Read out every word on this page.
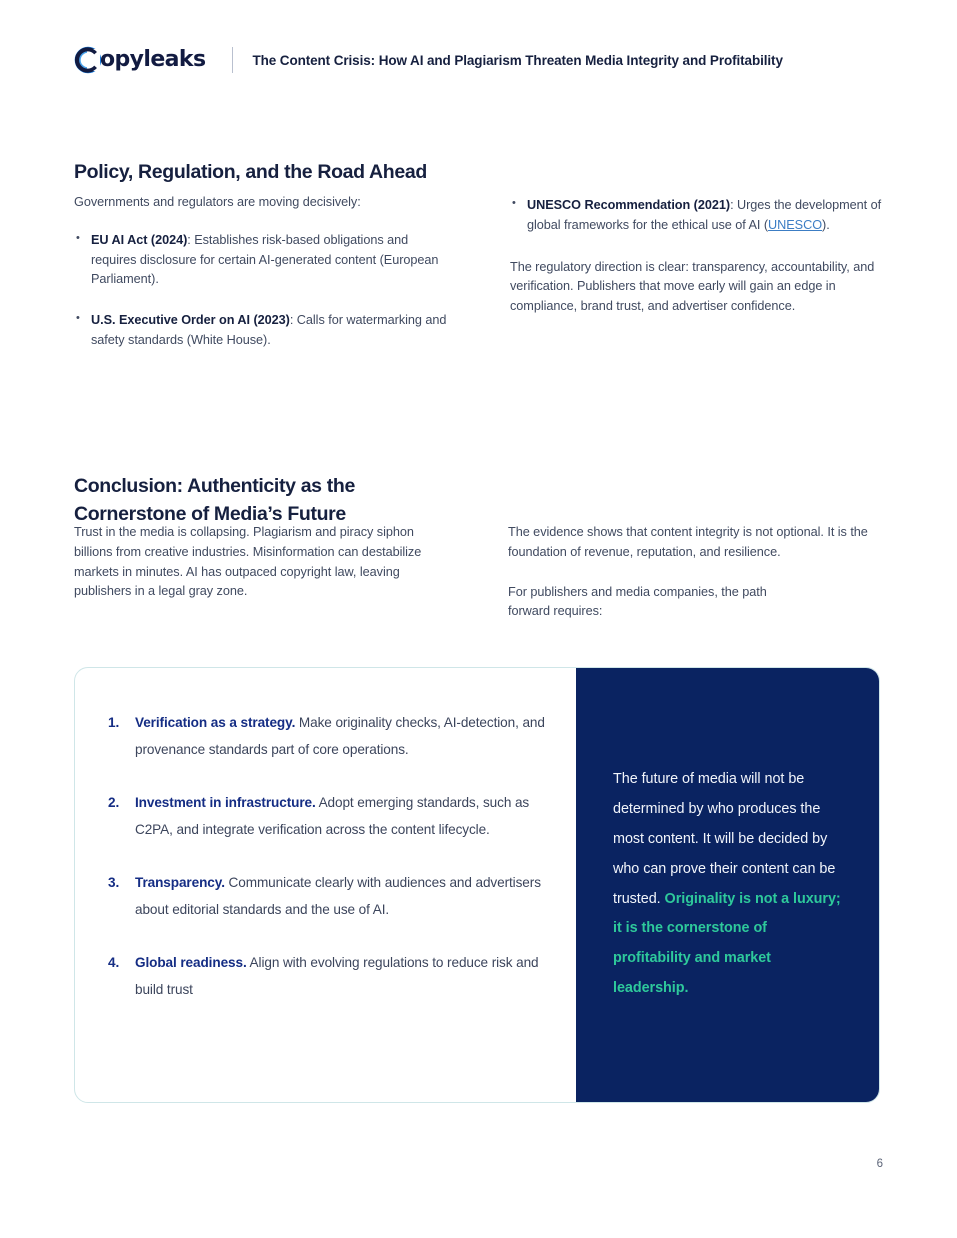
opyleaks	The Content Crisis: How AI and Plagiarism Threaten Media Integrity and Profitability
Policy, Regulation, and the Road Ahead

Governments and regulators are moving decisively:

• EU AI Act (2024): Establishes risk-based obligations and requires disclosure for certain AI-generated content (European Parliament).
• U.S. Executive Order on AI (2023): Calls for watermarking and safety standards (White House).
• UNESCO Recommendation (2021): Urges the development of global frameworks for the ethical use of AI (UNESCO).

The regulatory direction is clear: transparency, accountability, and verification. Publishers that move early will gain an edge in compliance, brand trust, and advertiser confidence.

Conclusion: Authenticity as the Cornerstone of Media’s Future

Trust in the media is collapsing. Plagiarism and piracy siphon billions from creative industries. Misinformation can destabilize markets in minutes. AI has outpaced copyright law, leaving publishers in a legal gray zone.

The evidence shows that content integrity is not optional. It is the foundation of revenue, reputation, and resilience.

For publishers and media companies, the path forward requires:

Verification as a strategy. Make originality checks, AI-detection, and provenance standards part of core operations.
Investment in infrastructure. Adopt emerging standards, such as C2PA, and integrate verification across the content lifecycle.
Transparency. Communicate clearly with audiences and advertisers about editorial standards and the use of AI.
Global readiness. Align with evolving regulations to reduce risk and build trust

The future of media will not be determined by who produces the most content. It will be decided by who can prove their content can be trusted. Originality is not a luxury; it is the cornerstone of profitability and market leadership.

6
